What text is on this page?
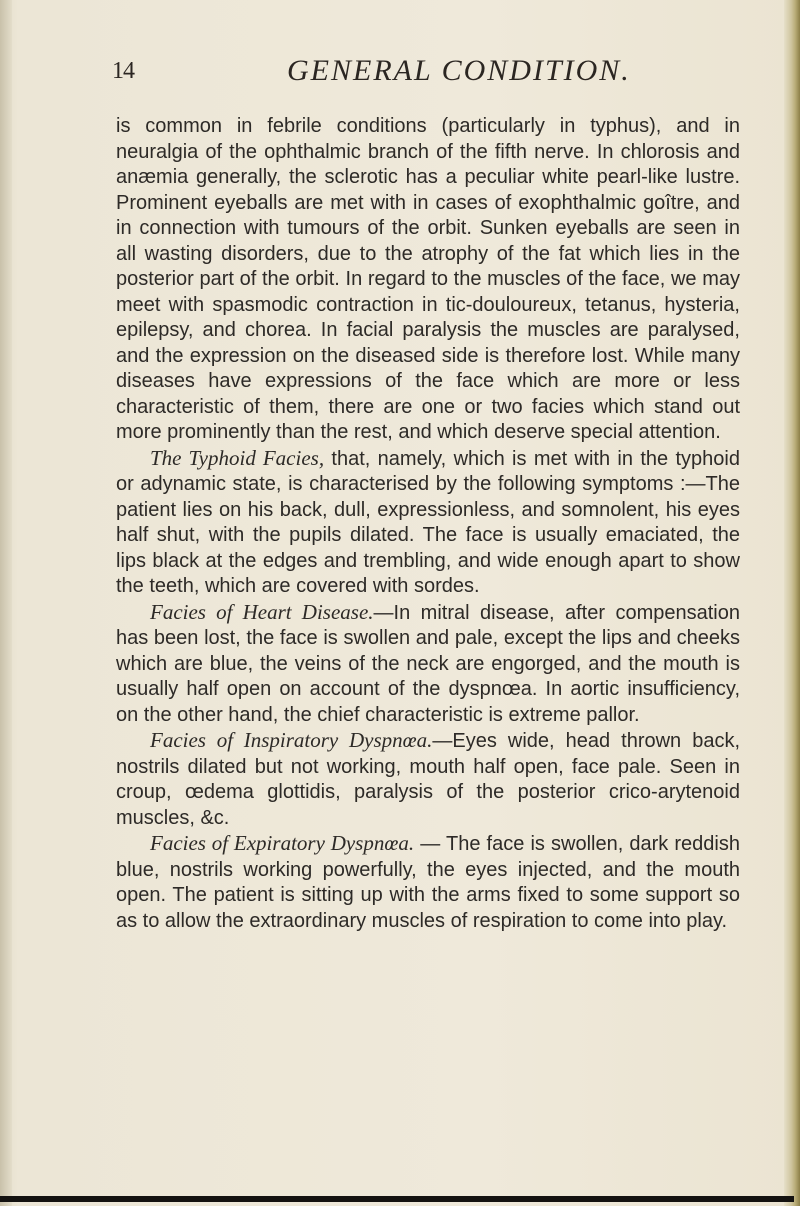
14	GENERAL CONDITION.

is common in febrile conditions (particularly in typhus), and in neuralgia of the ophthalmic branch of the fifth nerve. In chlorosis and anæmia generally, the sclerotic has a peculiar white pearl-like lustre. Prominent eyeballs are met with in cases of exophthalmic goître, and in connection with tumours of the orbit. Sunken eyeballs are seen in all wasting disorders, due to the atrophy of the fat which lies in the posterior part of the orbit. In regard to the muscles of the face, we may meet with spasmodic contraction in tic-douloureux, tetanus, hysteria, epilepsy, and chorea. In facial paralysis the muscles are paralysed, and the expression on the diseased side is therefore lost. While many diseases have expressions of the face which are more or less characteristic of them, there are one or two facies which stand out more prominently than the rest, and which deserve special attention.

The Typhoid Facies, that, namely, which is met with in the typhoid or adynamic state, is characterised by the following symptoms :—The patient lies on his back, dull, expressionless, and somnolent, his eyes half shut, with the pupils dilated. The face is usually emaciated, the lips black at the edges and trembling, and wide enough apart to show the teeth, which are covered with sordes.

Facies of Heart Disease.—In mitral disease, after compensation has been lost, the face is swollen and pale, except the lips and cheeks which are blue, the veins of the neck are engorged, and the mouth is usually half open on account of the dyspnœa. In aortic insufficiency, on the other hand, the chief characteristic is extreme pallor.

Facies of Inspiratory Dyspnœa.—Eyes wide, head thrown back, nostrils dilated but not working, mouth half open, face pale. Seen in croup, œdema glottidis, paralysis of the posterior crico-arytenoid muscles, &c.

Facies of Expiratory Dyspnœa. — The face is swollen, dark reddish blue, nostrils working powerfully, the eyes injected, and the mouth open. The patient is sitting up with the arms fixed to some support so as to allow the extraordinary muscles of respiration to come into play.
